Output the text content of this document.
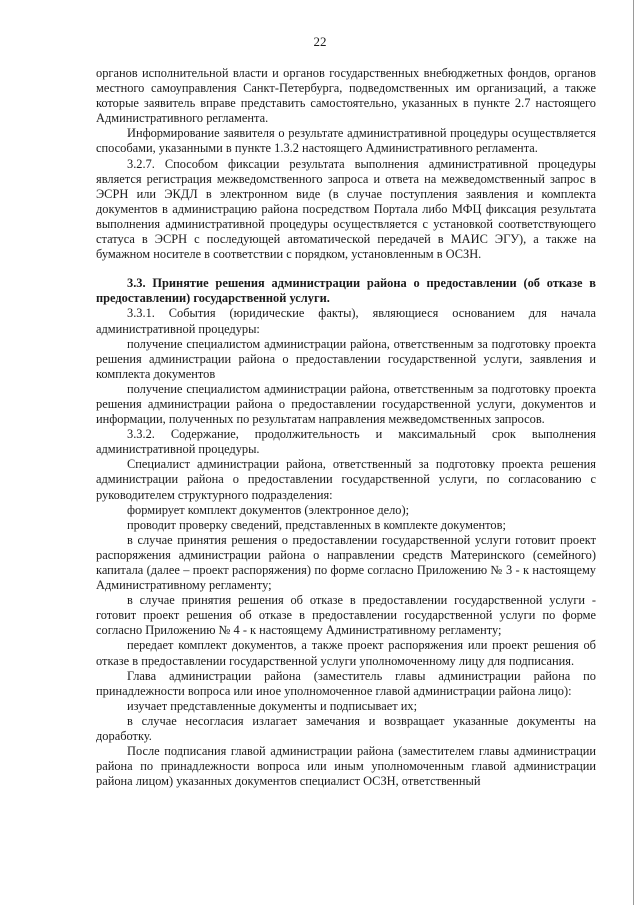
22

органов исполнительной власти и органов государственных внебюджетных фондов, органов местного самоуправления Санкт-Петербурга, подведомственных им организаций, а также которые заявитель вправе представить самостоятельно, указанных в пункте 2.7 настоящего Административного регламента.

Информирование заявителя о результате административной процедуры осуществляется способами, указанными в пункте 1.3.2 настоящего Административного регламента.

3.2.7. Способом фиксации результата выполнения административной процедуры является регистрация межведомственного запроса и ответа на межведомственный запрос в ЭСРН или ЭКДЛ в электронном виде (в случае поступления заявления и комплекта документов в администрацию района посредством Портала либо МФЦ фиксация результата выполнения административной процедуры осуществляется с установкой соответствующего статуса в ЭСРН с последующей автоматической передачей в МАИС ЭГУ), а также на бумажном носителе в соответствии с порядком, установленным в ОСЗН.

3.3. Принятие решения администрации района о предоставлении (об отказе в предоставлении) государственной услуги.

3.3.1. События (юридические факты), являющиеся основанием для начала административной процедуры:

получение специалистом администрации района, ответственным за подготовку проекта решения администрации района о предоставлении государственной услуги, заявления и комплекта документов

получение специалистом администрации района, ответственным за подготовку проекта решения администрации района о предоставлении государственной услуги, документов и информации, полученных по результатам направления межведомственных запросов.

3.3.2. Содержание, продолжительность и максимальный срок выполнения административной процедуры.

Специалист администрации района, ответственный за подготовку проекта решения администрации района о предоставлении государственной услуги, по согласованию с руководителем структурного подразделения:

формирует комплект документов (электронное дело);

проводит проверку сведений, представленных в комплекте документов;

в случае принятия решения о предоставлении государственной услуги готовит проект распоряжения администрации района о направлении средств Материнского (семейного) капитала (далее – проект распоряжения) по форме согласно Приложению № 3 - к настоящему Административному регламенту;

в случае принятия решения об отказе в предоставлении государственной услуги - готовит проект решения об отказе в предоставлении государственной услуги по форме согласно Приложению № 4 - к настоящему Административному регламенту;

передает комплект документов, а также проект распоряжения или проект решения об отказе в предоставлении государственной услуги уполномоченному лицу для подписания.

Глава администрации района (заместитель главы администрации района по принадлежности вопроса или иное уполномоченное главой администрации района лицо):

изучает представленные документы и подписывает их;

в случае несогласия излагает замечания и возвращает указанные документы на доработку.

После подписания главой администрации района (заместителем главы администрации района по принадлежности вопроса или иным уполномоченным главой администрации района лицом) указанных документов специалист ОСЗН, ответственный
